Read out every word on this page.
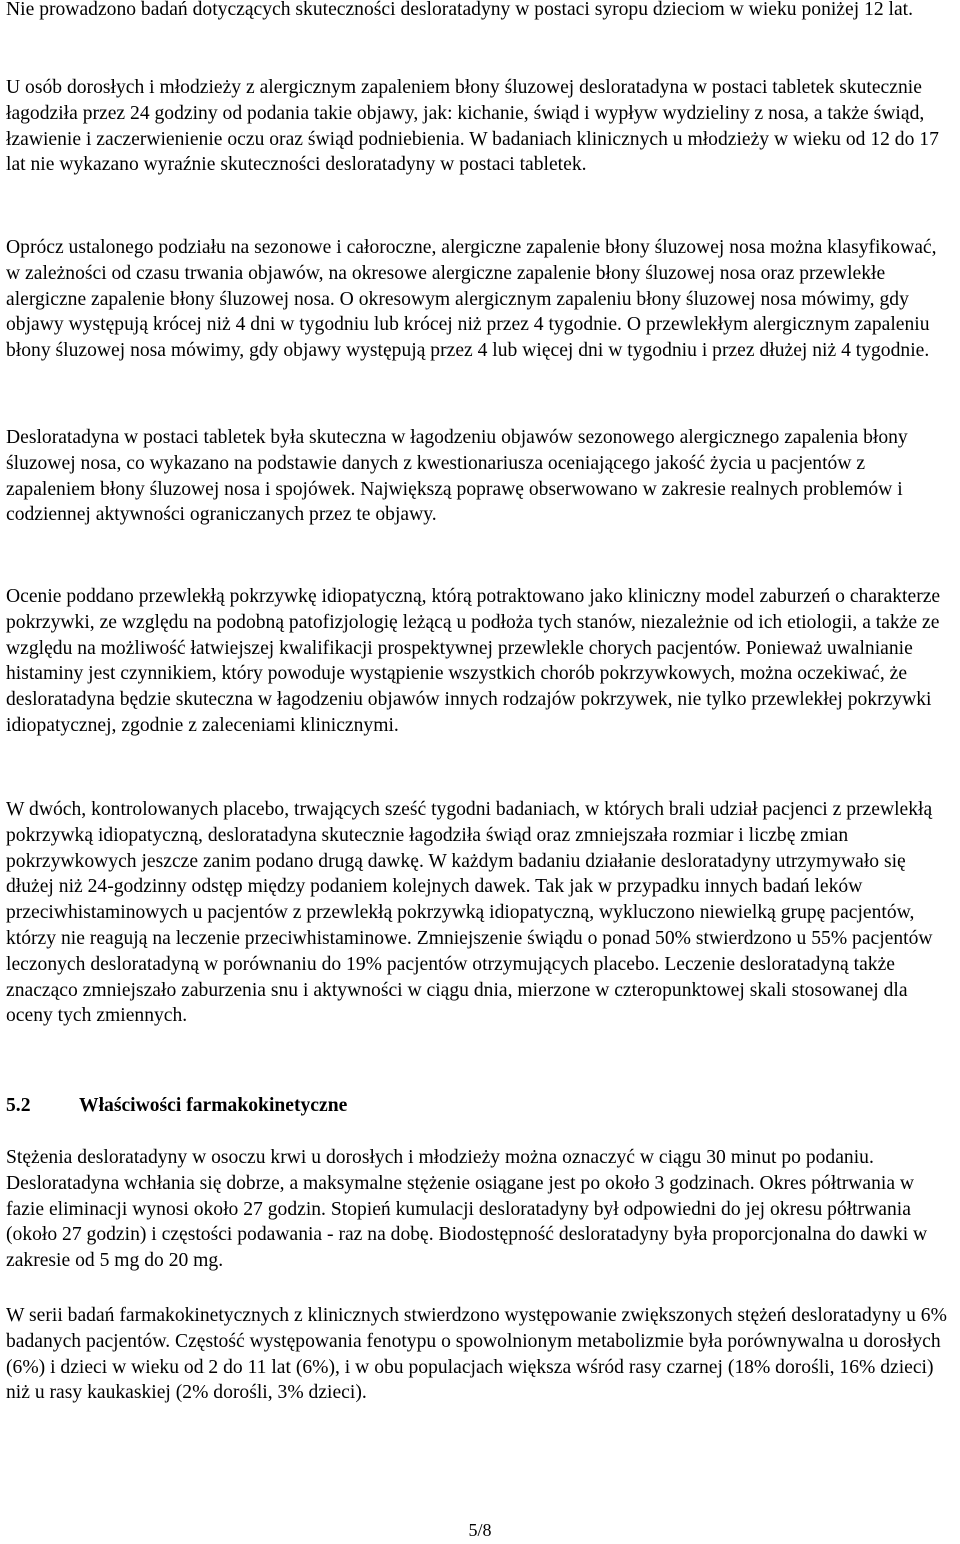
Nie prowadzono badań dotyczących skuteczności desloratadyny w postaci syropu dzieciom w wieku poniżej 12 lat.

U osób dorosłych i młodzieży z alergicznym zapaleniem błony śluzowej desloratadyna w postaci tabletek skutecznie łagodziła przez 24 godziny od podania takie objawy, jak: kichanie, świąd i wypływ wydzieliny z nosa, a także świąd, łzawienie i zaczerwienienie oczu oraz świąd podniebienia. W badaniach klinicznych u młodzieży w wieku od 12 do 17 lat nie wykazano wyraźnie skuteczności desloratadyny w postaci tabletek.

Oprócz ustalonego podziału na sezonowe i całoroczne, alergiczne zapalenie błony śluzowej nosa można klasyfikować, w zależności od czasu trwania objawów, na okresowe alergiczne zapalenie błony śluzowej nosa oraz przewlekłe alergiczne zapalenie błony śluzowej nosa. O okresowym alergicznym zapaleniu błony śluzowej nosa mówimy, gdy objawy występują krócej niż 4 dni w tygodniu lub krócej niż przez 4 tygodnie. O przewlekłym alergicznym zapaleniu błony śluzowej nosa mówimy, gdy objawy występują przez 4 lub więcej dni w tygodniu i przez dłużej niż 4 tygodnie.

Desloratadyna w postaci tabletek była skuteczna w łagodzeniu objawów sezonowego alergicznego zapalenia błony śluzowej nosa, co wykazano na podstawie danych z kwestionariusza oceniającego jakość życia u pacjentów z zapaleniem błony śluzowej nosa i spojówek. Największą poprawę obserwowano w zakresie realnych problemów i codziennej aktywności ograniczanych przez te objawy.

Ocenie poddano przewlekłą pokrzywkę idiopatyczną, którą potraktowano jako kliniczny model zaburzeń o charakterze pokrzywki, ze względu na podobną patofizjologię leżącą u podłoża tych stanów, niezależnie od ich etiologii, a także ze względu na możliwość łatwiejszej kwalifikacji prospektywnej przewlekle chorych pacjentów. Ponieważ uwalnianie histaminy jest czynnikiem, który powoduje wystąpienie wszystkich chorób pokrzywkowych, można oczekiwać, że desloratadyna będzie skuteczna w łagodzeniu objawów innych rodzajów pokrzywek, nie tylko przewlekłej pokrzywki idiopatycznej, zgodnie z zaleceniami klinicznymi.

W dwóch, kontrolowanych placebo, trwających sześć tygodni badaniach, w których brali udział pacjenci z przewlekłą pokrzywką idiopatyczną, desloratadyna skutecznie łagodziła świąd oraz zmniejszała rozmiar i liczbę zmian pokrzywkowych jeszcze zanim podano drugą dawkę. W każdym badaniu działanie desloratadyny utrzymywało się dłużej niż 24-godzinny odstęp między podaniem kolejnych dawek. Tak jak w przypadku innych badań leków przeciwhistaminowych u pacjentów z przewlekłą pokrzywką idiopatyczną, wykluczono niewielką grupę pacjentów, którzy nie reagują na leczenie przeciwhistaminowe. Zmniejszenie świądu o ponad 50% stwierdzono u 55% pacjentów leczonych desloratadyną w porównaniu do 19% pacjentów otrzymujących placebo. Leczenie desloratadyną także znacząco zmniejszało zaburzenia snu i aktywności w ciągu dnia, mierzone w czteropunktowej skali stosowanej dla oceny tych zmiennych.

5.2 Właściwości farmakokinetyczne

Stężenia desloratadyny w osoczu krwi u dorosłych i młodzieży można oznaczyć w ciągu 30 minut po podaniu. Desloratadyna wchłania się dobrze, a maksymalne stężenie osiągane jest po około 3 godzinach. Okres półtrwania w fazie eliminacji wynosi około 27 godzin. Stopień kumulacji desloratadyny był odpowiedni do jej okresu półtrwania (około 27 godzin) i częstości podawania - raz na dobę. Biodostępność desloratadyny była proporcjonalna do dawki w zakresie od 5 mg do 20 mg.

W serii badań farmakokinetycznych z klinicznych stwierdzono występowanie zwiększonych stężeń desloratadyny u 6% badanych pacjentów. Częstość występowania fenotypu o spowolnionym metabolizmie była porównywalna u dorosłych (6%) i dzieci w wieku od 2 do 11 lat (6%), i w obu populacjach większa wśród rasy czarnej (18% dorośli, 16% dzieci) niż u rasy kaukaskiej (2% dorośli, 3% dzieci).

5/8
